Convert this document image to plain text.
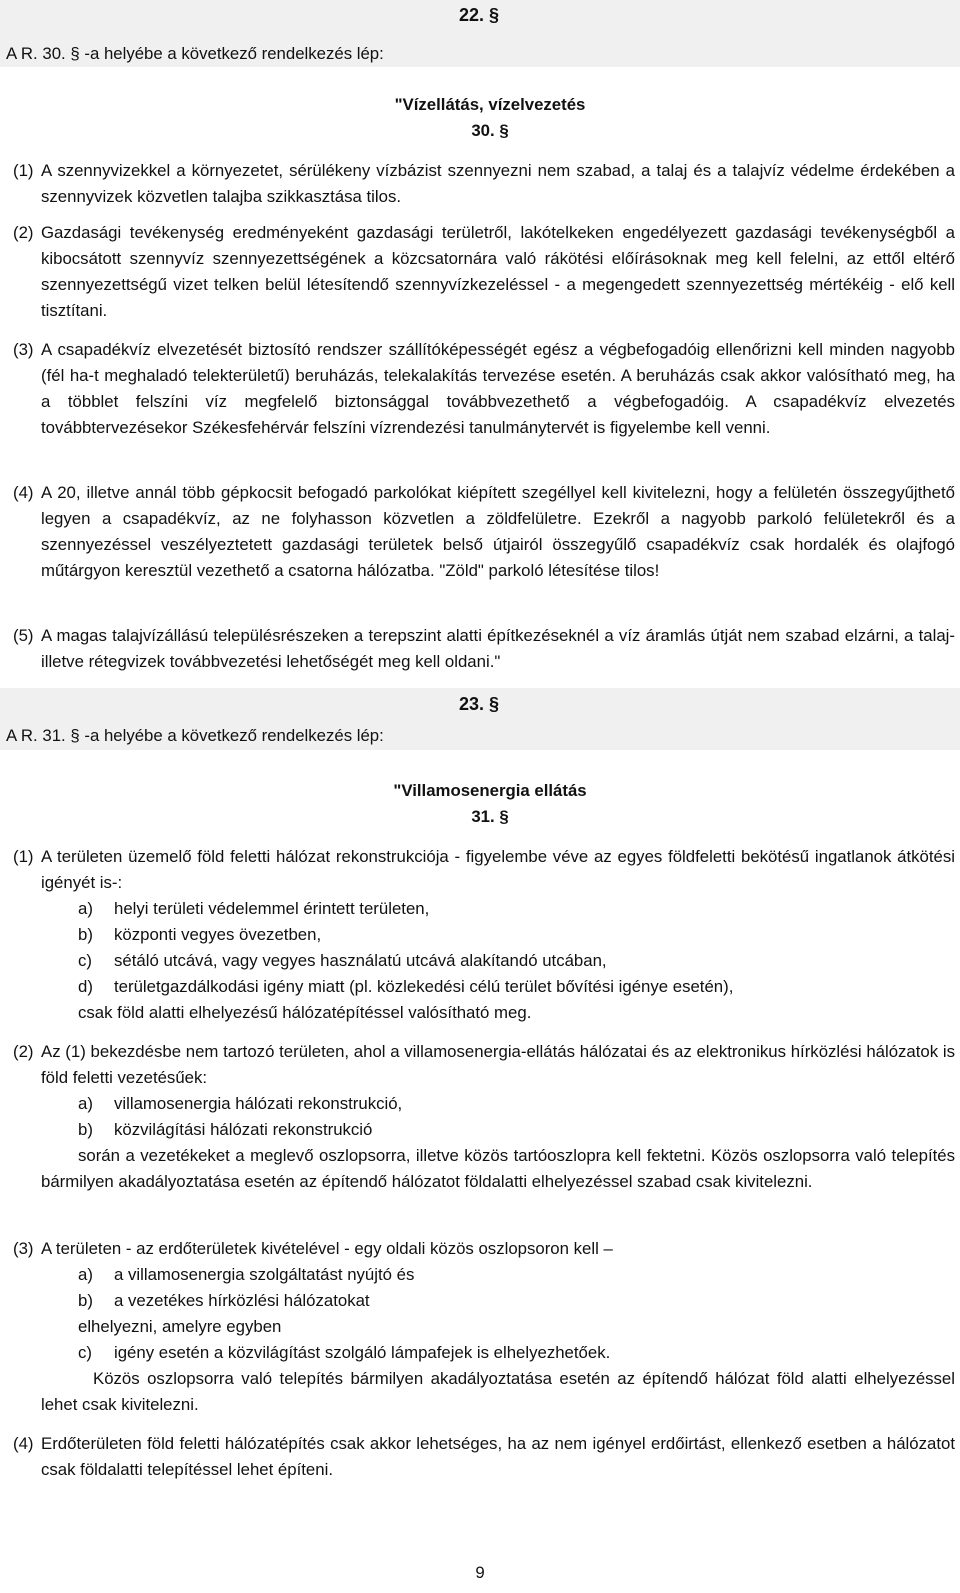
A R. 30. § -a helyébe a következő rendelkezés lép:
22. §
"Vízellátás, vízelvezetés
30. §
(1) A szennyvizekkel a környezetet, sérülékeny vízbázist szennyezni nem szabad, a talaj és a talajvíz védelme érdekében a szennyvizek közvetlen talajba szikkasztása tilos.
(2) Gazdasági tevékenység eredményeként gazdasági területről, lakótelkeken engedélyezett gazdasági tevékenységből a kibocsátott szennyvíz szennyezettségének a közcsatornára való rákötési előírásoknak meg kell felelni, az ettől eltérő szennyezettségű vizet telken belül létesítendő szennyvízkezeléssel - a megengedett szennyezettség mértékéig - elő kell tisztítani.
(3) A csapadékvíz elvezetését biztosító rendszer szállítóképességét egész a végbefogadóig ellenőrizni kell minden nagyobb (fél ha-t meghaladó telekterületű) beruházás, telekalakítás tervezése esetén. A beruházás csak akkor valósítható meg, ha a többlet felszíni víz megfelelő biztonsággal továbbvezethető a végbefogadóig. A csapadékvíz elvezetés továbbtervezésekor Székesfehérvár felszíni vízrendezési tanulmánytervét is figyelembe kell venni.
(4) A 20, illetve annál több gépkocsit befogadó parkolókat kiépített szegéllyel kell kivitelezni, hogy a felületén összegyűjthető legyen a csapadékvíz, az ne folyhasson közvetlen a zöldfelületre. Ezekről a nagyobb parkoló felületekről és a szennyezéssel veszélyeztetett gazdasági területek belső útjairól összegyűlő csapadékvíz csak hordalék és olajfogó műtárgyon keresztül vezethető a csatorna hálózatba. "Zöld" parkoló létesítése tilos!
(5) A magas talajvízállású településrészeken a terepszint alatti építkezéseknél a víz áramlás útját nem szabad elzárni, a talaj- illetve rétegvizek továbbvezetési lehetőségét meg kell oldani."
A R. 31. § -a helyébe a következő rendelkezés lép:
23. §
"Villamosenergia ellátás
31. §
(1) A területen üzemelő föld feletti hálózat rekonstrukciója - figyelembe véve az egyes földfeletti bekötésű ingatlanok átkötési igényét is-:
a) helyi területi védelemmel érintett területen,
b) központi vegyes övezetben,
c) sétáló utcává, vagy vegyes használatú utcává alakítandó utcában,
d) területgazdálkodási igény miatt (pl. közlekedési célú terület bővítési igénye esetén),
csak föld alatti elhelyezésű hálózatépítéssel valósítható meg.
(2) Az (1) bekezdésbe nem tartozó területen, ahol a villamosenergia-ellátás hálózatai és az elektronikus hírközlési hálózatok is föld feletti vezetésűek:
a) villamosenergia hálózati rekonstrukció,
b) közvilágítási hálózati rekonstrukció
során a vezetékeket a meglevő oszlopsorra, illetve közös tartóoszlopra kell fektetni. Közös oszlopsorra való telepítés bármilyen akadályoztatása esetén az építendő hálózatot földalatti elhelyezéssel szabad csak kivitelezni.
(3) A területen - az erdőterületek kivételével - egy oldali közös oszlopsoron kell –
a) a villamosenergia szolgáltatást nyújtó és
b) a vezetékes hírközlési hálózatokat
elhelyezni, amelyre egyben
c) igény esetén a közvilágítást szolgáló lámpafejek is elhelyezhetőek.
Közös oszlopsorra való telepítés bármilyen akadályoztatása esetén az építendő hálózat föld alatti elhelyezéssel lehet csak kivitelezni.
(4) Erdőterületen föld feletti hálózatépítés csak akkor lehetséges, ha az nem igényel erdőirtást, ellenkező esetben a hálózatot csak földalatti telepítéssel lehet építeni.
9
